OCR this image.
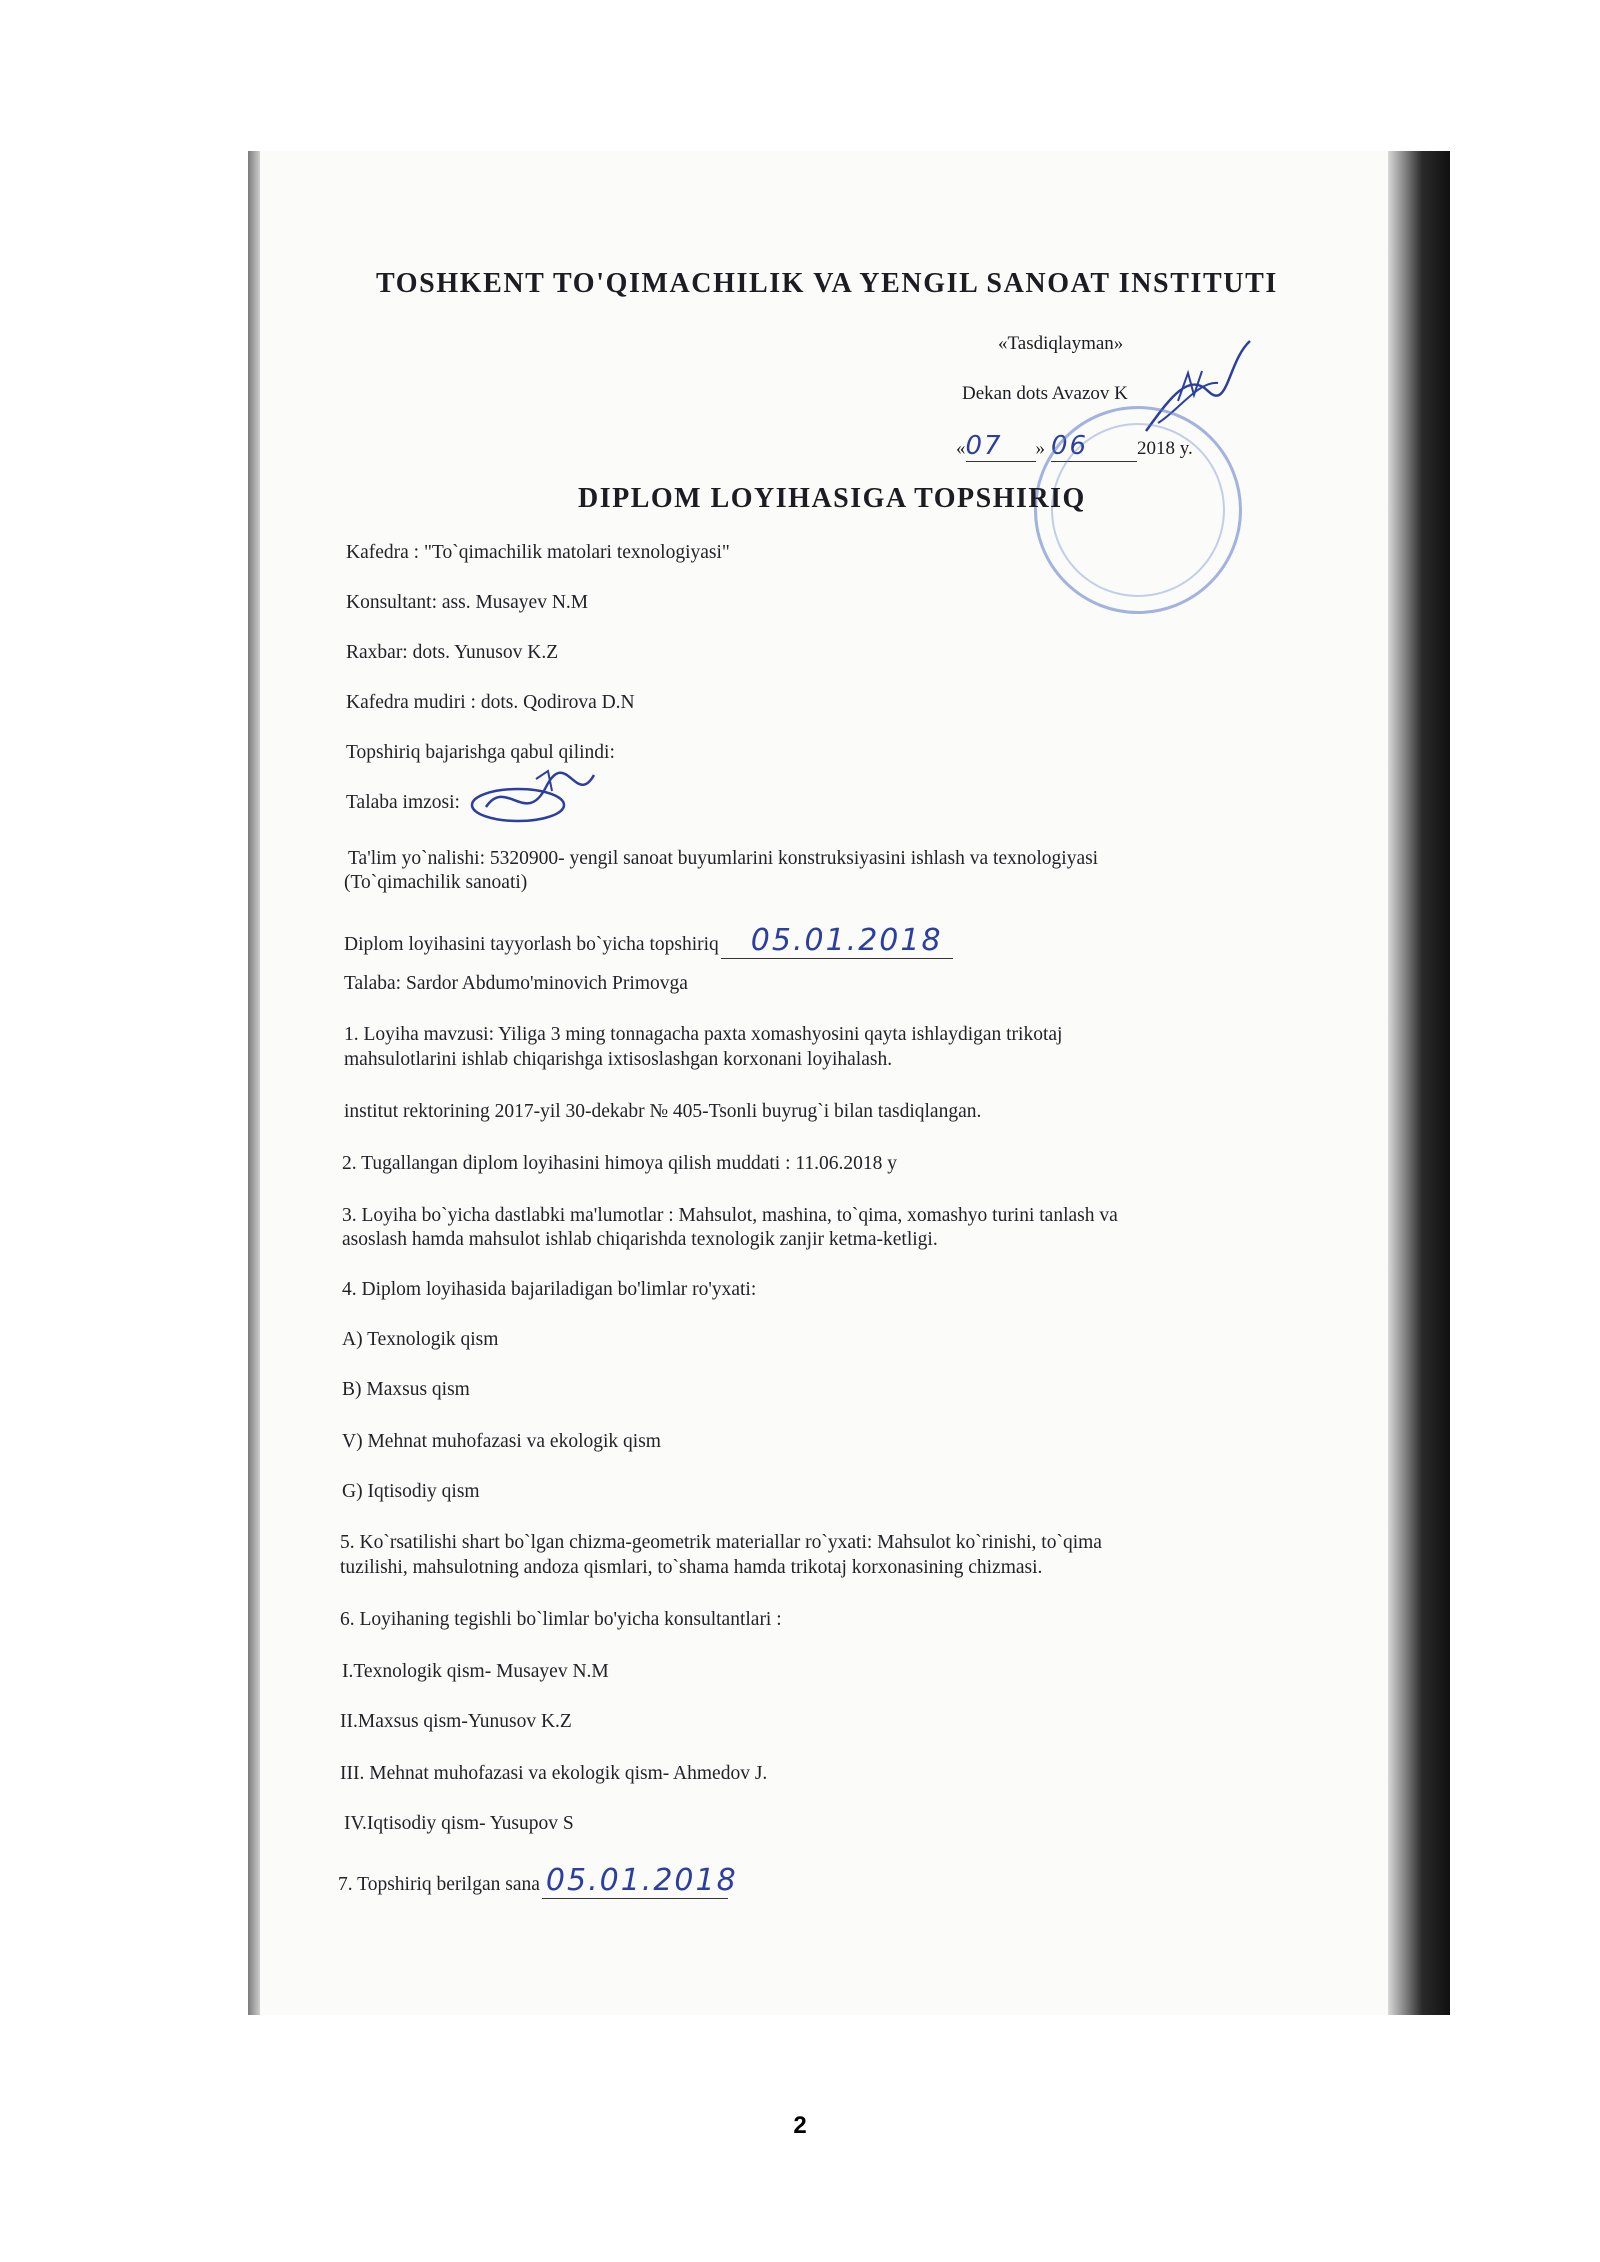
TOSHKENT TO'QIMACHILIK VA YENGIL SANOAT INSTITUTI
«Tasdiqlayman»
Dekan dots Avazov K
«07 » 06	2018 y.
DIPLOM LOYIHASIGA TOPSHIRIQ
Kafedra : "To`qimachilik matolari texnologiyasi"
Konsultant: ass. Musayev N.M
Raxbar: dots. Yunusov K.Z
Kafedra mudiri : dots. Qodirova D.N
Topshiriq bajarishga qabul qilindi:
Talaba imzosi:
Ta'lim yo`nalishi: 5320900- yengil sanoat buyumlarini konstruksiyasini ishlash va texnologiyasi
(To`qimachilik sanoati)
Diplom loyihasini tayyorlash bo`yicha topshiriq 05.01.2018
Talaba: Sardor Abdumo'minovich Primovga
1. Loyiha mavzusi: Yiliga 3 ming tonnagacha paxta xomashyosini qayta ishlaydigan trikotaj
mahsulotlarini ishlab chiqarishga ixtisoslashgan korxonani loyihalash.
institut rektorining 2017-yil 30-dekabr № 405-Tsonli buyrug`i bilan tasdiqlangan.
2. Tugallangan diplom loyihasini himoya qilish muddati : 11.06.2018 y
3. Loyiha bo`yicha dastlabki ma'lumotlar : Mahsulot, mashina, to`qima, xomashyo turini tanlash va
asoslash hamda mahsulot ishlab chiqarishda texnologik zanjir ketma-ketligi.
4. Diplom loyihasida bajariladigan bo'limlar ro'yxati:
A) Texnologik qism
B) Maxsus qism
V) Mehnat muhofazasi va ekologik qism
G) Iqtisodiy qism
5. Ko`rsatilishi shart bo`lgan chizma-geometrik materiallar ro`yxati: Mahsulot ko`rinishi, to`qima
tuzilishi, mahsulotning andoza qismlari, to`shama hamda trikotaj korxonasining chizmasi.
6. Loyihaning tegishli bo`limlar bo'yicha konsultantlari :
I.Texnologik qism- Musayev N.M
II.Maxsus qism-Yunusov K.Z
III. Mehnat muhofazasi va ekologik qism- Ahmedov J.
IV.Iqtisodiy qism- Yusupov S
7. Topshiriq berilgan sana 05.01.2018
2
